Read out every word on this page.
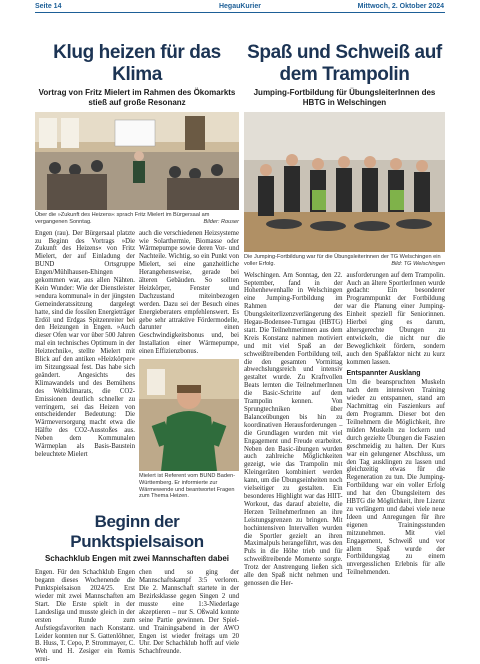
Seite 14	HegauKurier	Mittwoch, 2. Oktober 2024
Klug heizen für das Klima
Vortrag von Fritz Mielert im Rahmen des Ökomarkts stieß auf große Resonanz
Über die »Zukunft des Heizens« sprach Fritz Mielert im Bürgersaal am vergangenen Sonntag.	Bilder: Rouser
Engen (rau). Der Bürgersaal platzte zu Beginn des Vortrags »Die Zukunft des Heizens« von Fritz Mielert, der auf Einladung der BUND Ortsgruppe Engen/Mühlhausen-Ehingen gekommen war, aus allen Nähten. Kein Wunder: Wie der Dienstleister »endura kommunal« in der jüngsten Gemeinderatssitzung dargelegt hatte, sind die fossilen Energieträger Erdöl und Erdgas Spitzenreiter bei den Heizungen in Engen. »Auch dieser Ofen war vor über 500 Jahren mal ein technisches Optimum in der Heiztechnik«, stellte Mielert mit Blick auf den antiken »Heizkörper« im Sitzungssaal fest. Das habe sich geändert. Angesichts des Klimawandels und des Bemühens des Weltklimarats, die CO2-Emissionen deutlich schneller zu verringern, sei das Heizen von entscheidender Bedeutung: Die Wärmeversorgung macht etwa die Hälfte des CO2-Ausstoßes aus. Neben dem Kommunalen Wärmeplan als Basis-Baustein beleuchtete Mielert
auch die verschiedenen Heizsysteme wie Solarthermie, Biomasse oder Wärmepumpe sowie deren Vor- und Nachteile. Wichtig, so ein Punkt von Mielert, sei eine ganzheitliche Herangehensweise, gerade bei älteren Gebäuden. So sollten Heizkörper, Fenster und Dachzustand miteinbezogen werden. Dazu sei der Besuch eines Energieberaters empfehlenswert. Es gebe sehr attraktive Fördermodelle, darunter einen Geschwindigkeitsbonus und, bei Installation einer Wärmepumpe, einen Effizienzbonus.
Mielert ist Referent vom BUND Baden-Württemberg. Er informierte zur Wärmewende und beantwortet Fragen zum Thema Heizen.
Beginn der Punktspielsaison
Schachklub Engen mit zwei Mannschaften dabei
Engen. Für den Schachklub Engen begann dieses Wochenende die Punktspielsaison 2024/25. Erst wieder mit zwei Mannschaften am Start. Die Erste spielt in der Landesliga und musste gleich in der ersten Runde zum Aufstiegsfavoriten nach Konstanz. Leider konnten nur S. Gattenlöhner, B. Huss, T. Cepo, P. Strommayer, C. Weh und H. Zesiger ein Remis errei-
chen und so ging der Mannschaftskampf 3:5 verloren. Die 2. Mannschaft startete in der Bezirksklasse gegen Singen 2 und musste eine 1:3-Niederlage akzeptieren – nur S. Oßwald konnte seine Partie gewinnen. Der Spiel- und Trainingsabend in der AWO Engen ist wieder freitags um 20 Uhr. Der Schachklub hofft auf viele Schachfreunde.
Spaß und Schweiß auf dem Trampolin
Jumping-Fortbildung für ÜbungsleiterInnen des HBTG in Welschingen
Die Jumping-Fortbildung war für die Übungsleiterinnen der TG Welschingen ein voller Erfolg.	Bild: TG Welschingen
Welschingen. Am Sonntag, den 22. September, fand in der Hohenhewenhalle in Welschingen eine Jumping-Fortbildung im Rahmen der Übungsleiterlizenzverlängerung des Hegau-Bodensee-Turngau (HBTG) statt. Die Teilnehmerinnen aus dem Kreis Konstanz nahmen motiviert und mit viel Spaß an der schweißtreibenden Fortbildung teil, die den gesamten Vormittag abwechslungsreich und intensiv gestaltet wurde. Zu Kraftvollen Beats lernten die TeilnehmerInnen die Basic-Schritte auf dem Trampolin kennen. Von Sprungtechniken über Balanceübungen bis hin zu koordinativen Herausforderungen – die Grundlagen wurden mit viel Engagement und Freude erarbeitet. Neben den Basic-übungen wurden auch zahlreiche Möglichkeiten gezeigt, wie das Trampolin mit Kleingeräten kombiniert werden kann, um die Übungseinheiten noch vielseitiger zu gestalten. Ein besonderes Highlight war das HIIT-Workout, das darauf abzielte, die Herzen TeilnehmerInnen an ihre Leistungsgrenzen zu bringen. Mit hochintensiven Intervallen wurden die Sportler gezielt an ihren Maximalpuls herangeführt, was den Puls in die Höhe trieb und für schweißtreibende Momente sorgte. Trotz der Anstrengung ließen sich alle den Spaß nicht nehmen und genossen die Her-
ausforderungen auf dem Trampolin. Auch an ältere SportlerInnen wurde gedacht: Ein besonderer Programmpunkt der Fortbildung war die Planung einer Jumping-Einheit speziell für Seniorinnen. Hierbei ging es darum, altersgerechte Übungen zu entwickeln, die nicht nur die Beweglichkeit fördern, sondern auch den Spaßfaktor nicht zu kurz kommen lassen.
Entspannter Ausklang
Um die beanspruchten Muskeln nach dem intensiven Training wieder zu entspannen, stand am Nachmittag ein Faszienkurs auf dem Programm. Dieser bot den Teilnehmern die Möglichkeit, ihre müden Muskeln zu lockern und durch gezielte Übungen die Faszien geschmeidig zu halten. Der Kurs war ein gelungener Abschluss, um den Tag ausklingen zu lassen und gleichzeitig etwas für die Regeneration zu tun. Die Jumping-Fortbildung war ein voller Erfolg und hat den Übungsleitern des HBTG die Möglichkeit, ihre Lizenz zu verlängern und dabei viele neue Ideen und Anregungen für ihre eigenen Trainingsstunden mitzunehmen. Mit viel Engagement, Schweiß und vor allem Spaß wurde der Fortbildungstag zu einem unvergesslichen Erlebnis für alle Teilnehmenden.
